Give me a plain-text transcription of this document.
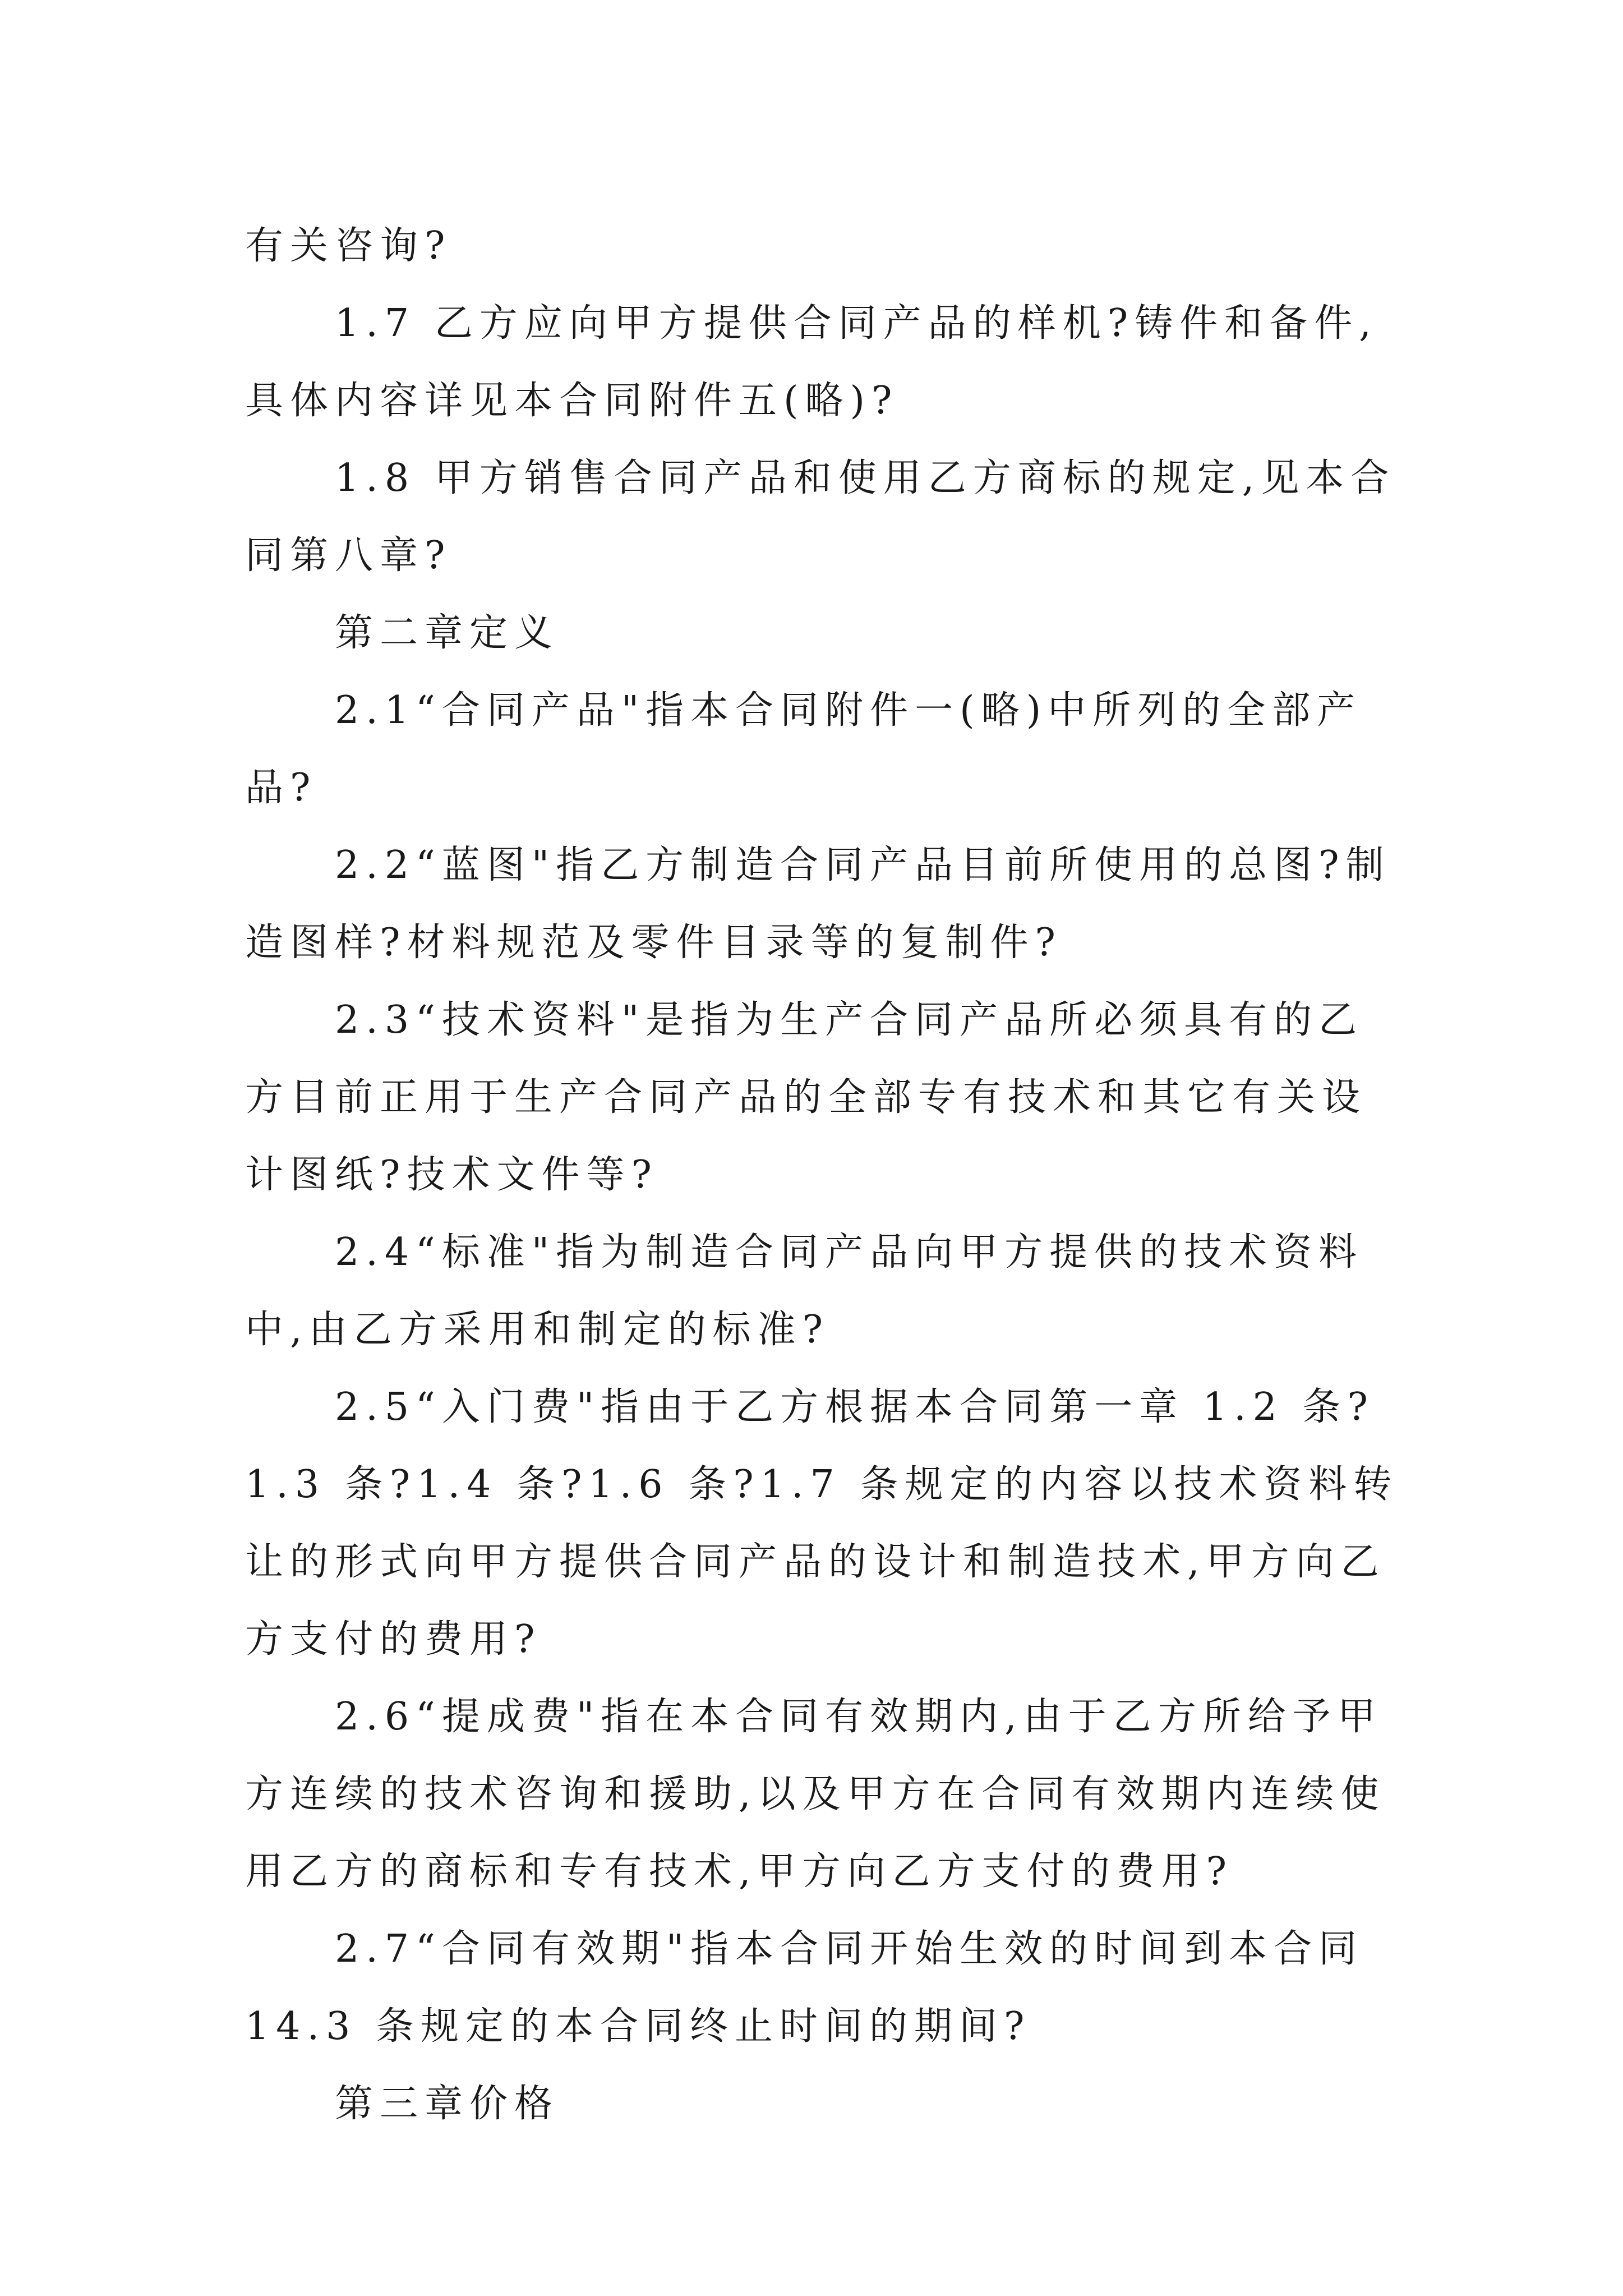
有关咨询?

1.7 乙方应向甲方提供合同产品的样机?铸件和备件,具体内容详见本合同附件五(略)?

1.8 甲方销售合同产品和使用乙方商标的规定,见本合同第八章?

第二章定义

2.1“合同产品"指本合同附件一(略)中所列的全部产品?

2.2“蓝图"指乙方制造合同产品目前所使用的总图?制造图样?材料规范及零件目录等的复制件?

2.3“技术资料"是指为生产合同产品所必须具有的乙方目前正用于生产合同产品的全部专有技术和其它有关设计图纸?技术文件等?

2.4“标准"指为制造合同产品向甲方提供的技术资料中,由乙方采用和制定的标准?

2.5“入门费"指由于乙方根据本合同第一章 1.2 条?1.3 条?1.4 条?1.6 条?1.7 条规定的内容以技术资料转让的形式向甲方提供合同产品的设计和制造技术,甲方向乙方支付的费用?

2.6“提成费"指在本合同有效期内,由于乙方所给予甲方连续的技术咨询和援助,以及甲方在合同有效期内连续使用乙方的商标和专有技术,甲方向乙方支付的费用?

2.7“合同有效期"指本合同开始生效的时间到本合同 14.3 条规定的本合同终止时间的期间?

第三章价格
